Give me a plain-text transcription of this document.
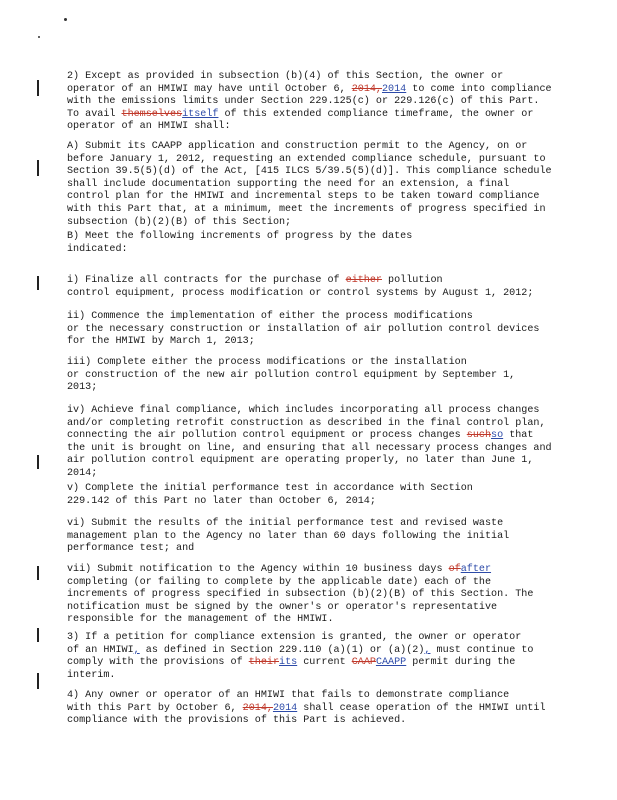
2) Except as provided in subsection (b)(4) of this Section, the owner or
operator of an HMIWI may have until October 6, 2014,2014 to come into compliance
with the emissions limits under Section 229.125(c) or 229.126(c) of this Part.
To avail themselvesitself of this extended compliance timeframe, the owner or
operator of an HMIWI shall:
A) Submit its CAAPP application and construction permit to the Agency, on or
before January 1, 2012, requesting an extended compliance schedule, pursuant to
Section 39.5(5)(d) of the Act, [415 ILCS 5/39.5(5)(d)]. This compliance schedule
shall include documentation supporting the need for an extension, a final
control plan for the HMIWI and incremental steps to be taken toward compliance
with this Part that, at a minimum, meet the increments of progress specified in
subsection (b)(2)(B) of this Section;
B) Meet the following increments of progress by the dates
indicated:
i) Finalize all contracts for the purchase of either pollution
control equipment, process modification or control systems by August 1, 2012;
ii) Commence the implementation of either the process modifications
or the necessary construction or installation of air pollution control devices
for the HMIWI by March 1, 2013;
iii) Complete either the process modifications or the installation
or construction of the new air pollution control equipment by September 1,
2013;
iv) Achieve final compliance, which includes incorporating all process changes
and/or completing retrofit construction as described in the final control plan,
connecting the air pollution control equipment or process changes suchso that
the unit is brought on line, and ensuring that all necessary process changes and
air pollution control equipment are operating properly, no later than June 1,
2014;
v) Complete the initial performance test in accordance with Section
229.142 of this Part no later than October 6, 2014;
vi) Submit the results of the initial performance test and revised waste
management plan to the Agency no later than 60 days following the initial
performance test; and
vii) Submit notification to the Agency within 10 business days ofafter
completing (or failing to complete by the applicable date) each of the
increments of progress specified in subsection (b)(2)(B) of this Section. The
notification must be signed by the owner's or operator's representative
responsible for the management of the HMIWI.
3) If a petition for compliance extension is granted, the owner or operator
of an HMIWI, as defined in Section 229.110 (a)(1) or (a)(2), must continue to
comply with the provisions of theirits current CAAPCAAPP permit during the
interim.
4) Any owner or operator of an HMIWI that fails to demonstrate compliance
with this Part by October 6, 2014,2014 shall cease operation of the HMIWI until
compliance with the provisions of this Part is achieved.
